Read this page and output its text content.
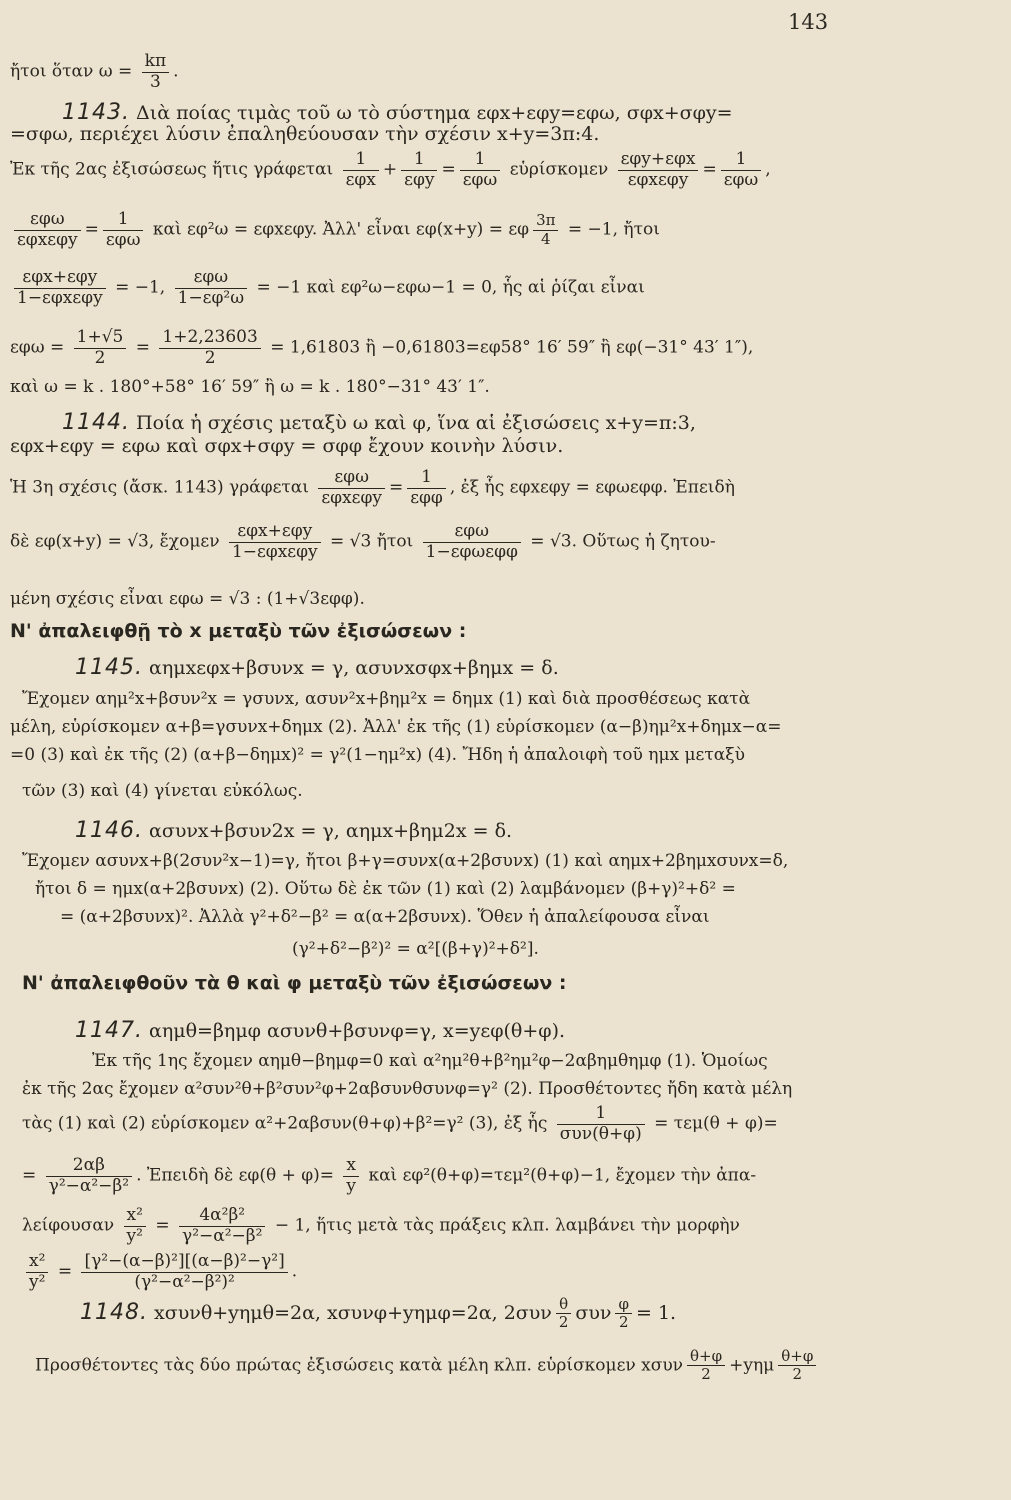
143
ἤτοι ὅταν $\omega = \frac{k\pi}{3}$ .
1143. Διὰ ποίας τιμὰς τοῦ ω τὸ σύστημα εφx+εφy=εφω, σφx+σφy=
=σφω, περιέχει λύσιν ἐπαληθεύουσαν τὴν σχέσιν x+y=3π:4.
Ἐκ τῆς 2ας ἐξισώσεως ἥτις γράφεται
1
εφx +
1
εφy =
1
εφω εὑρίσκομεν
εφy+εφx
εφxεφy =
1
εφω ,
εφω
εφxεφy =
1
εφω καὶ εφ²ω = εφxεφy. Ἀλλ' εἶναι εφ(x+y) = εφ $\frac{3\pi}{4} = -1$, ἤτοι
εφx+εφy
1−εφxεφy = −1,
εφω
1−εφ²ω = −1 καὶ εφ²ω−εφω−1 = 0, ἧς αἱ ῥίζαι εἶναι
$\varepsilon\varphi\omega = \frac{1+√5}{2} = \frac{1+2,23603}{2} = 1,61803$ ἢ −0,61803=εφ58° 16′ 59″ ἢ εφ(−31° 43′ 1″),
καὶ ω = k . 180°+58° 16′ 59″ ἢ ω = k . 180°−31° 43′ 1″.
1144. Ποία ἡ σχέσις μεταξὺ ω καὶ φ, ἵνα αἱ ἐξισώσεις x+y=π:3,
εφx+εφy = εφω καὶ σφx+σφy = σφφ ἔχουν κοινὴν λύσιν.
Ἡ 3η σχέσις (ἄσκ. 1143) γράφεται
εφω
εφxεφy =
1
εφφ , ἐξ ἧς εφxεφy = εφωεφφ. Ἐπειδὴ
δὲ εφ(x+y) = √3, ἔχομεν
εφx+εφy
1−εφxεφy = √3 ἤτοι
εφω
1−εφωεφφ = √3. Οὕτως ἡ ζητου-
μένη σχέσις εἶναι εφω = √3 : (1+√3εφφ).
Ν' ἀπαλειφθῇ τὸ x μεταξὺ τῶν ἐξισώσεων :
1145. αημxεφx+βσυνx = γ, ασυνxσφx+βημx = δ.
Ἔχομεν αημ²x+βσυν²x = γσυνx, ασυν²x+βημ²x = δημx (1) καὶ διὰ προσθέσεως κατὰ
μέλη, εὑρίσκομεν α+β=γσυνx+δημx (2). Ἀλλ' ἐκ τῆς (1) εὑρίσκομεν (α−β)ημ²x+δημx−α=
=0 (3) καὶ ἐκ τῆς (2) (α+β−δημx)² = γ²(1−ημ²x) (4). Ἤδη ἡ ἀπαλοιφὴ τοῦ ημx μεταξὺ
τῶν (3) καὶ (4) γίνεται εὐκόλως.
1146. ασυνx+βσυν2x = γ, αημx+βημ2x = δ.
Ἔχομεν ασυνx+β(2συν²x−1)=γ, ἤτοι β+γ=συνx(α+2βσυνx) (1) καὶ αημx+2βημxσυνx=δ,
ἤτοι δ = ημx(α+2βσυνx) (2). Οὕτω δὲ ἐκ τῶν (1) καὶ (2) λαμβάνομεν (β+γ)²+δ² =
= (α+2βσυνx)². Ἀλλὰ γ²+δ²−β² = α(α+2βσυνx). Ὅθεν ἡ ἀπαλείφουσα εἶναι
(γ²+δ²−β²)² = α²[(β+γ)²+δ²].
Ν' ἀπαλειφθοῦν τὰ θ καὶ φ μεταξὺ τῶν ἐξισώσεων :
1147. αημθ=βημφ ασυνθ+βσυνφ=γ, x=yεφ(θ+φ).
Ἐκ τῆς 1ης ἔχομεν αημθ−βημφ=0 καὶ α²ημ²θ+β²ημ²φ−2αβημθημφ (1). Ὁμοίως
ἐκ τῆς 2ας ἔχομεν α²συν²θ+β²συν²φ+2αβσυνθσυνφ=γ² (2). Προσθέτοντες ἤδη κατὰ μέλη
τὰς (1) καὶ (2) εὑρίσκομεν α²+2αβσυν(θ+φ)+β²=γ² (3), ἐξ ἧς
1
συν(θ+φ) = τεμ(θ + φ)=
= $\frac{2\alpha\beta}{\text{γ²−α²−β²}}$ . Ἐπειδὴ δὲ $\varepsilon\varphi(\theta + \varphi)= \frac{x}{y}$ καὶ εφ²(θ+φ)=τεμ²(θ+φ)−1, ἔχομεν τὴν ἀπα-
λείφουσαν $\frac{\text{x²}}{\text{y²}} = \frac{\text{4α²β²}}{\text{γ²−α²−β²}} - 1$, ἥτις μετὰ τὰς πράξεις κλπ. λαμβάνει τὴν μορφὴν
$\frac{\text{x²}}{\text{y²}} = \frac{\text{[γ²−(α−β)²][(α−β)²−γ²]}}{\text{(γ²−α²−β²)²}}$ .
1148. xσυνθ+yημθ=2α, xσυνφ+yημφ=2α, $2\sigma\upsilon\nu \frac{\theta}{2}$ συν $\frac{\varphi}{2} = 1$.
Προσθέτοντες τὰς δύο πρώτας ἐξισώσεις κατὰ μέλη κλπ. εὑρίσκομεν xσυν $\frac{\theta+\varphi}{2} +y\eta\mu \frac{\theta+\varphi}{2}$
